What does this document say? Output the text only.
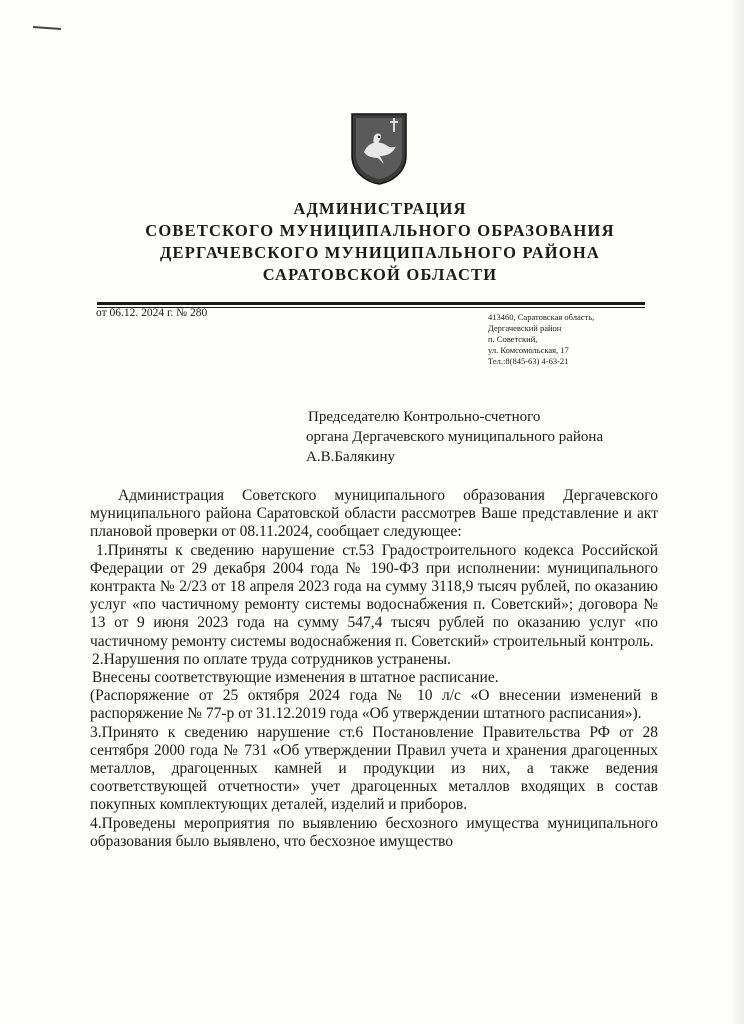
АДМИНИСТРАЦИЯ
СОВЕТСКОГО МУНИЦИПАЛЬНОГО ОБРАЗОВАНИЯ
ДЕРГАЧЕВСКОГО МУНИЦИПАЛЬНОГО РАЙОНА
САРАТОВСКОЙ ОБЛАСТИ
от 06.12. 2024 г. № 280	413460, Саратовская область,
Дергачевский район
п. Советский,
ул. Комсомольская, 17
Тел.:8(845-63) 4-63-21
Председателю Контрольно-счетного
органа Дергачевского муниципального района
А.В.Балякину

Администрация Советского муниципального образования Дергачевского муниципального района Саратовской области рассмотрев Ваше представление и акт плановой проверки от 08.11.2024, сообщает следующее:

1.Приняты к сведению нарушение ст.53 Градостроительного кодекса Российской Федерации от 29 декабря 2004 года № 190-ФЗ при исполнении: муниципального контракта № 2/23 от 18 апреля 2023 года на сумму 3118,9 тысяч рублей, по оказанию услуг «по частичному ремонту системы водоснабжения п. Советский»; договора № 13 от 9 июня 2023 года на сумму 547,4 тысяч рублей по оказанию услуг «по частичному ремонту системы водоснабжения п. Советский» строительный контроль.

2.Нарушения по оплате труда сотрудников устранены.

Внесены соответствующие изменения в штатное расписание.

(Распоряжение от 25 октября 2024 года № 10 л/с «О внесении изменений в распоряжение № 77-р от 31.12.2019 года «Об утверждении штатного расписания»).

3.Принято к сведению нарушение ст.6 Постановление Правительства РФ от 28 сентября 2000 года № 731 «Об утверждении Правил учета и хранения драгоценных металлов, драгоценных камней и продукции из них, а также ведения соответствующей отчетности» учет драгоценных металлов входящих в состав покупных комплектующих деталей, изделий и приборов.

4.Проведены мероприятия по выявлению бесхозного имущества муниципального образования было выявлено, что бесхозное имущество
